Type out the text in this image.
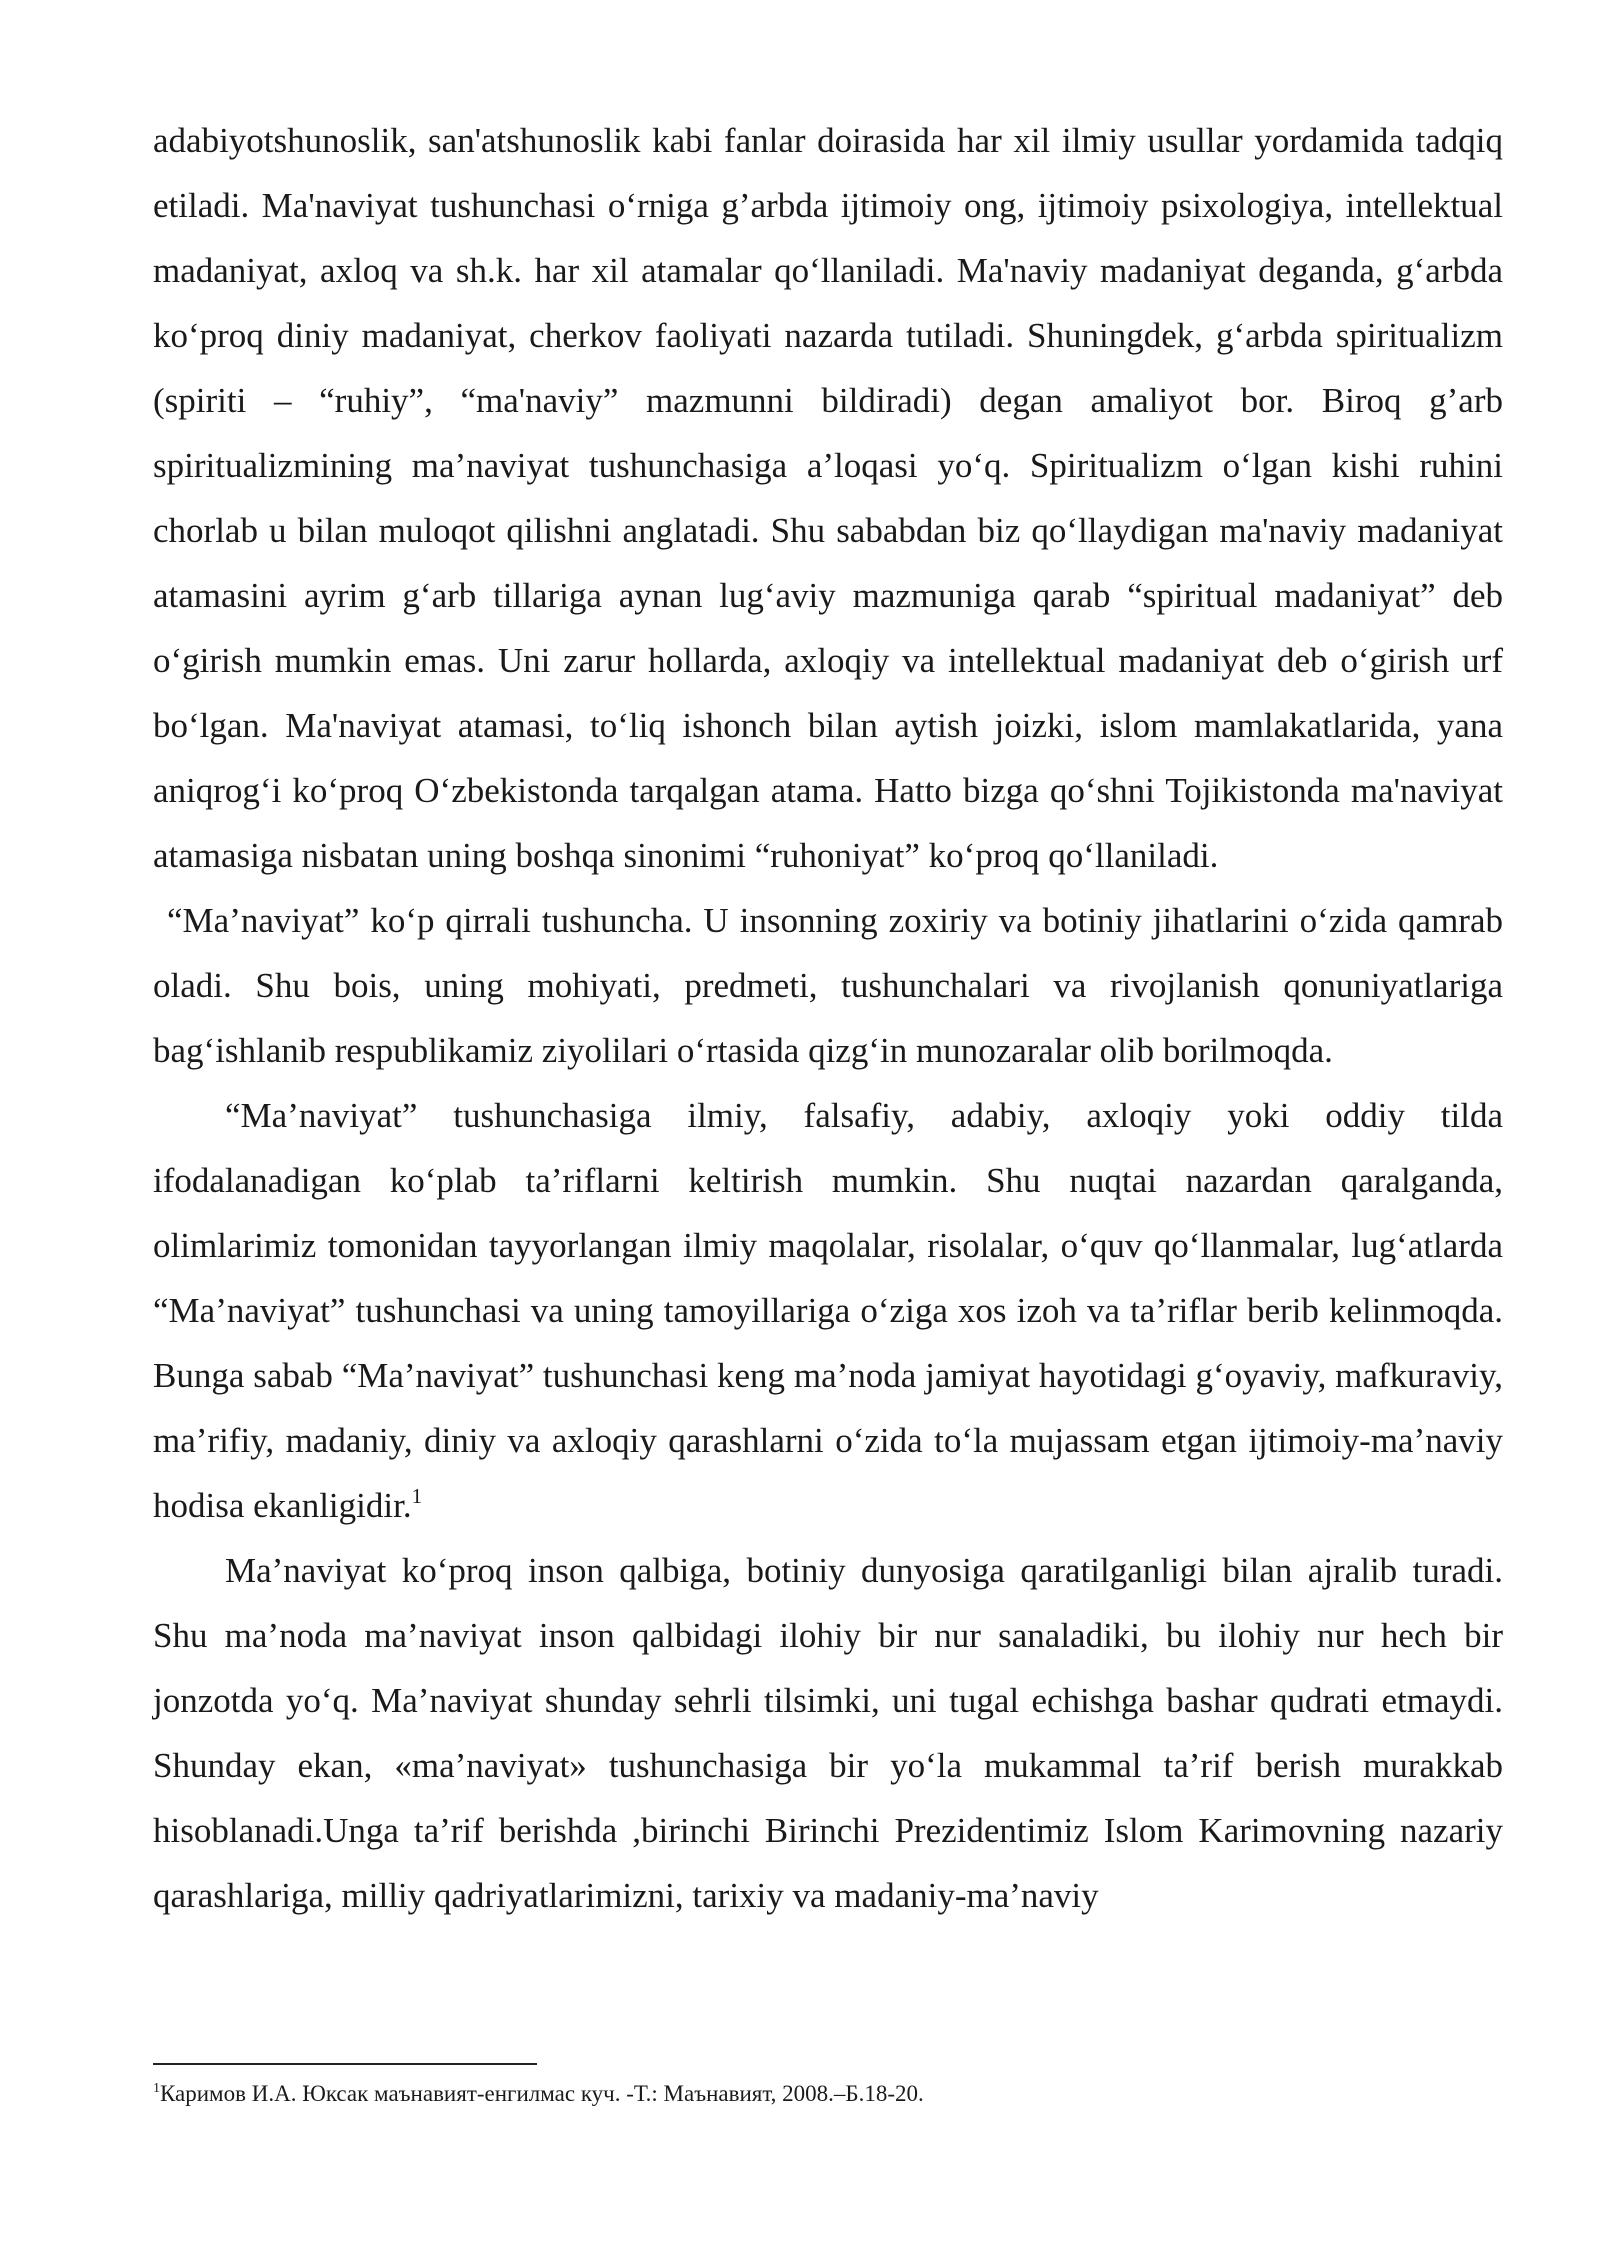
adabiyotshunoslik, san'atshunoslik kabi fanlar doirasida har xil ilmiy usullar yordamida tadqiq etiladi. Ma'naviyat tushunchasi o‘rniga g’arbda ijtimoiy ong, ijtimoiy psixologiya, intellektual madaniyat, axloq va sh.k. har xil atamalar qo‘llaniladi. Ma'naviy madaniyat deganda, g‘arbda ko‘proq diniy madaniyat, cherkov faoliyati nazarda tutiladi. Shuningdek, g‘arbda spiritualizm (spiriti – “ruhiy”, “ma'naviy” mazmunni bildiradi) degan amaliyot bor. Biroq g’arb spiritualizmining ma’naviyat tushunchasiga a’loqasi yo‘q. Spiritualizm o‘lgan kishi ruhini chorlab u bilan muloqot qilishni anglatadi. Shu sababdan biz qo‘llaydigan ma'naviy madaniyat atamasini ayrim g‘arb tillariga aynan lug‘aviy mazmuniga qarab “spiritual madaniyat” deb o‘girish mumkin emas. Uni zarur hollarda, axloqiy va intellektual madaniyat deb o‘girish urf bo‘lgan. Ma'naviyat atamasi, to‘liq ishonch bilan aytish joizki, islom mamlakatlarida, yana aniqrog‘i ko‘proq O‘zbekistonda tarqalgan atama. Hatto bizga qo‘shni Tojikistonda ma'naviyat atamasiga nisbatan uning boshqa sinonimi “ruhoniyat” ko‘proq qo‘llaniladi.

“Ma’naviyat” ko‘p qirrali tushuncha. U insonning zoxiriy va botiniy jihatlarini o‘zida qamrab oladi. Shu bois, uning mohiyati, predmeti, tushunchalari va rivojlanish qonuniyatlariga bag‘ishlanib respublikamiz ziyolilari o‘rtasida qizg‘in munozaralar olib borilmoqda.

“Ma’naviyat” tushunchasiga ilmiy, falsafiy, adabiy, axloqiy yoki oddiy tilda ifodalanadigan ko‘plab ta’riflarni keltirish mumkin. Shu nuqtai nazardan qaralganda, olimlarimiz tomonidan tayyorlangan ilmiy maqolalar, risolalar, o‘quv qo‘llanmalar, lug‘atlarda “Ma’naviyat” tushunchasi va uning tamoyillariga o‘ziga xos izoh va ta’riflar berib kelinmoqda. Bunga sabab “Ma’naviyat” tushunchasi keng ma’noda jamiyat hayotidagi g‘oyaviy, mafkuraviy, ma’rifiy, madaniy, diniy va axloqiy qarashlarni o‘zida to‘la mujassam etgan ijtimoiy-ma’naviy hodisa ekanligidir.$^1$

Ma’naviyat ko‘proq inson qalbiga, botiniy dunyosiga qaratilganligi bilan ajralib turadi. Shu ma’noda ma’naviyat inson qalbidagi ilohiy bir nur sanaladiki, bu ilohiy nur hech bir jonzotda yo‘q. Ma’naviyat shunday sehrli tilsimki, uni tugal echishga bashar qudrati etmaydi. Shunday ekan, «ma’naviyat» tushunchasiga bir yo‘la mukammal ta’rif berish murakkab hisoblanadi.Unga ta’rif berishda ,birinchi Birinchi Prezidentimiz Islom Karimovning nazariy qarashlariga, milliy qadriyatlarimizni, tarixiy va madaniy-ma’naviy

$^1$Каримов И.А. Юксак маънавият-енгилмас куч. -Т.: Маънавият, 2008.–Б.18-20.
